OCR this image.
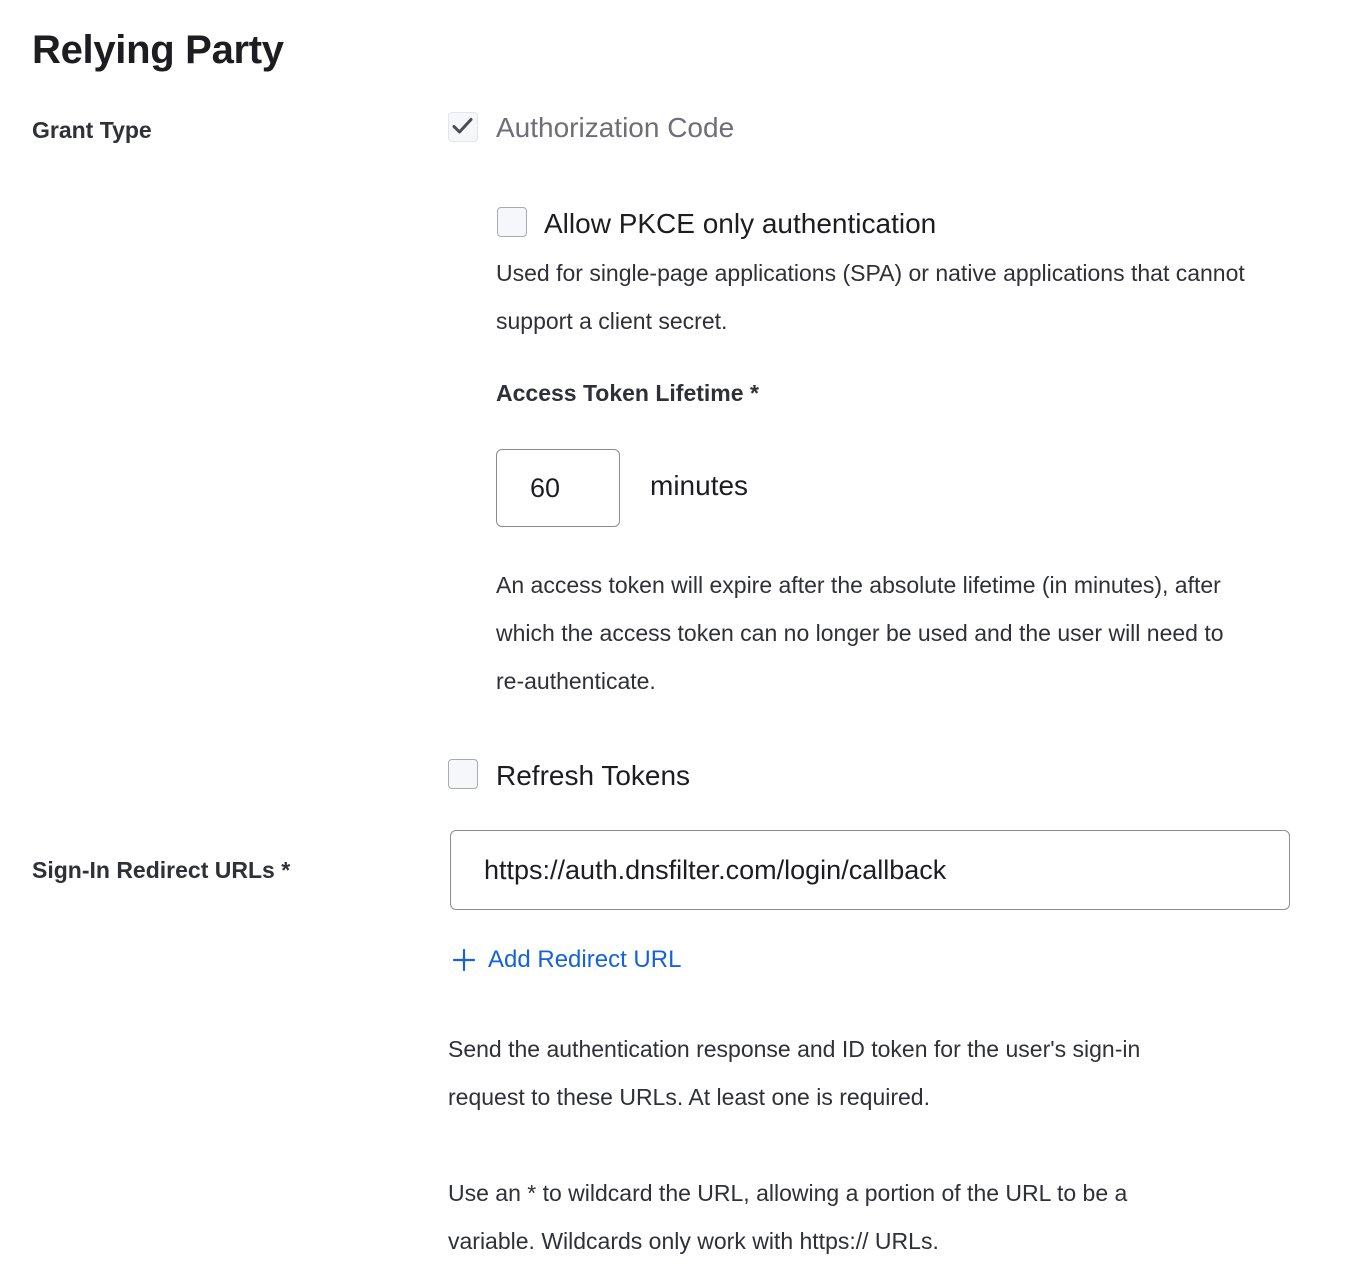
Relying Party
Grant Type	Authorization Code
Allow PKCE only authentication
Used for single-page applications (SPA) or native applications that cannot
support a client secret.
Access Token Lifetime *
60
minutes
An access token will expire after the absolute lifetime (in minutes), after
which the access token can no longer be used and the user will need to
re-authenticate.
Refresh Tokens
Sign-In Redirect URLs *
https://auth.dnsfilter.com/login/callback
Add Redirect URL
Send the authentication response and ID token for the user's sign-in
request to these URLs. At least one is required.
Use an * to wildcard the URL, allowing a portion of the URL to be a
variable. Wildcards only work with https:// URLs.
